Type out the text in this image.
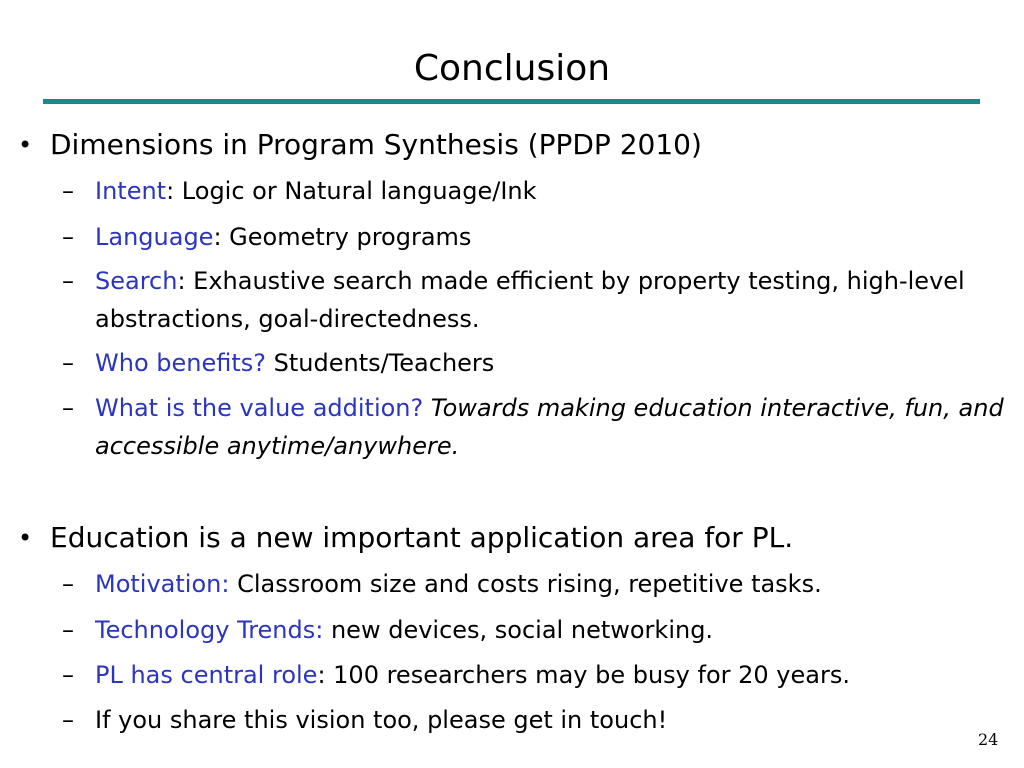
Conclusion
• Dimensions in Program Synthesis (PPDP 2010)
– Intent: Logic or Natural language/Ink
– Language: Geometry programs
– Search: Exhaustive search made efficient by property testing, high-level abstractions, goal-directedness.
– Who benefits? Students/Teachers
– What is the value addition? Towards making education interactive, fun, and accessible anytime/anywhere.
• Education is a new important application area for PL.
– Motivation: Classroom size and costs rising, repetitive tasks.
– Technology Trends: new devices, social networking.
– PL has central role: 100 researchers may be busy for 20 years.
– If you share this vision too, please get in touch!
24
